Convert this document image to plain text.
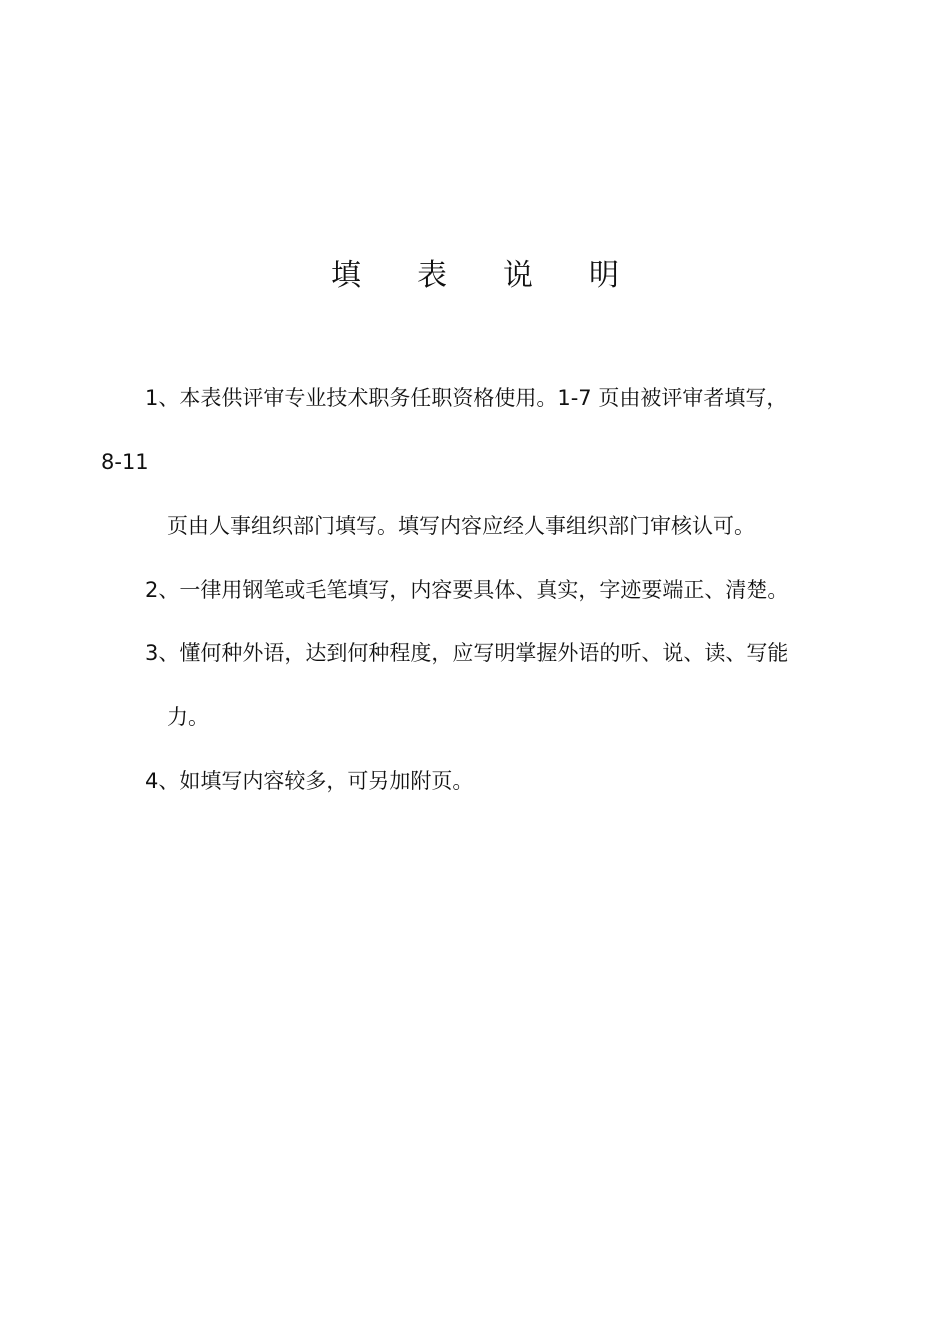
填 表 说 明
1、本表供评审专业技术职务任职资格使用。1-7 页由被评审者填写，
8-11
页由人事组织部门填写。填写内容应经人事组织部门审核认可。
2、一律用钢笔或毛笔填写，内容要具体、真实，字迹要端正、清楚。
3、懂何种外语，达到何种程度，应写明掌握外语的听、说、读、写能
力。
4、如填写内容较多，可另加附页。
